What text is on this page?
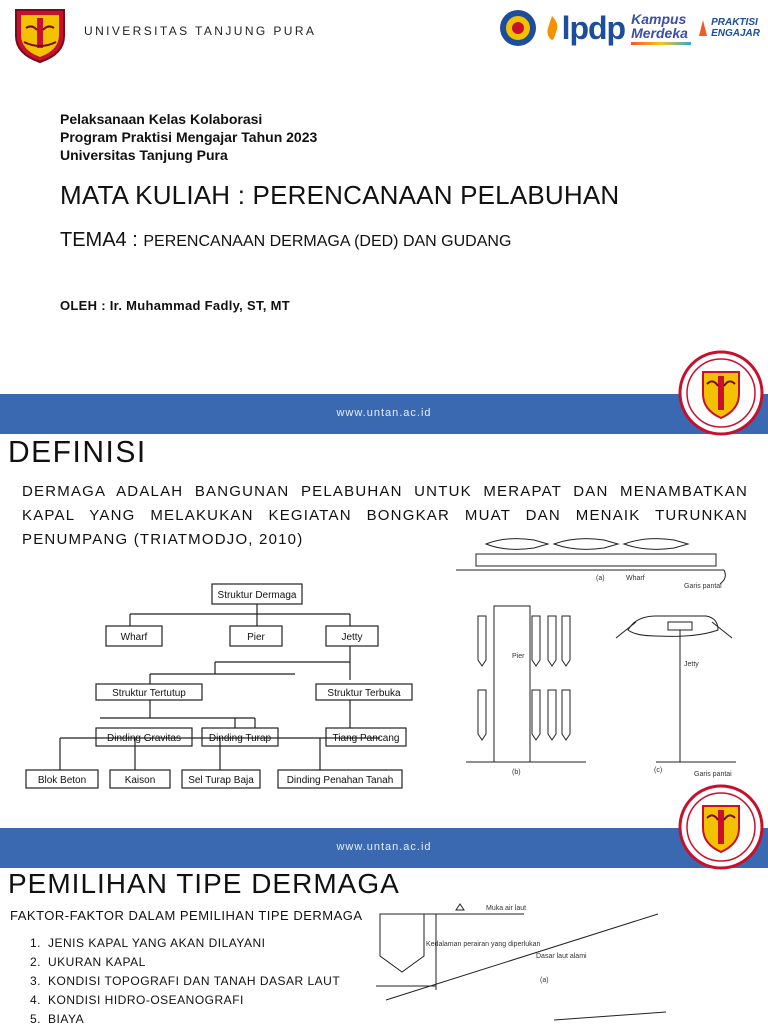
UNIVERSITAS TANJUNG PURA	lpdp Kampus
Merdeka
PRAKTISI
ENGAJAR
Pelaksanaan Kelas Kolaborasi
Program Praktisi Mengajar Tahun 2023
Universitas Tanjung Pura
MATA KULIAH : PERENCANAAN PELABUHAN
TEMA4 : PERENCANAAN DERMAGA (DED) DAN GUDANG
OLEH : Ir. Muhammad Fadly, ST, MT
www.untan.ac.id
DEFINISI
DERMAGA ADALAH BANGUNAN PELABUHAN UNTUK MERAPAT DAN MENAMBATKAN KAPAL YANG MELAKUKAN KEGIATAN BONGKAR MUAT DAN MENAIK TURUNKAN PENUMPANG (TRIATMODJO, 2010)
Struktur Dermaga
Wharf	Pier	Jetty
Struktur Tertutup	Struktur Terbuka
Dinding Gravitas	Dinding Turap	Tiang Pancang
Blok Beton	Kaison	Sel Turap Baja	Dinding Penahan Tanah
(a)	Wharf
Garis pantai
Pier
(b)
Jetty
(c)
Garis pantai
www.untan.ac.id
PEMILIHAN TIPE DERMAGA
FAKTOR-FAKTOR DALAM PEMILIHAN TIPE DERMAGA
1. JENIS KAPAL YANG AKAN DILAYANI
2. UKURAN KAPAL
3. KONDISI TOPOGRAFI DAN TANAH DASAR LAUT
4. KONDISI HIDRO-OSEANOGRAFI
5. BIAYA
Muka air laut
Kedalaman perairan yang diperlukan
Dasar laut alami
(a)
